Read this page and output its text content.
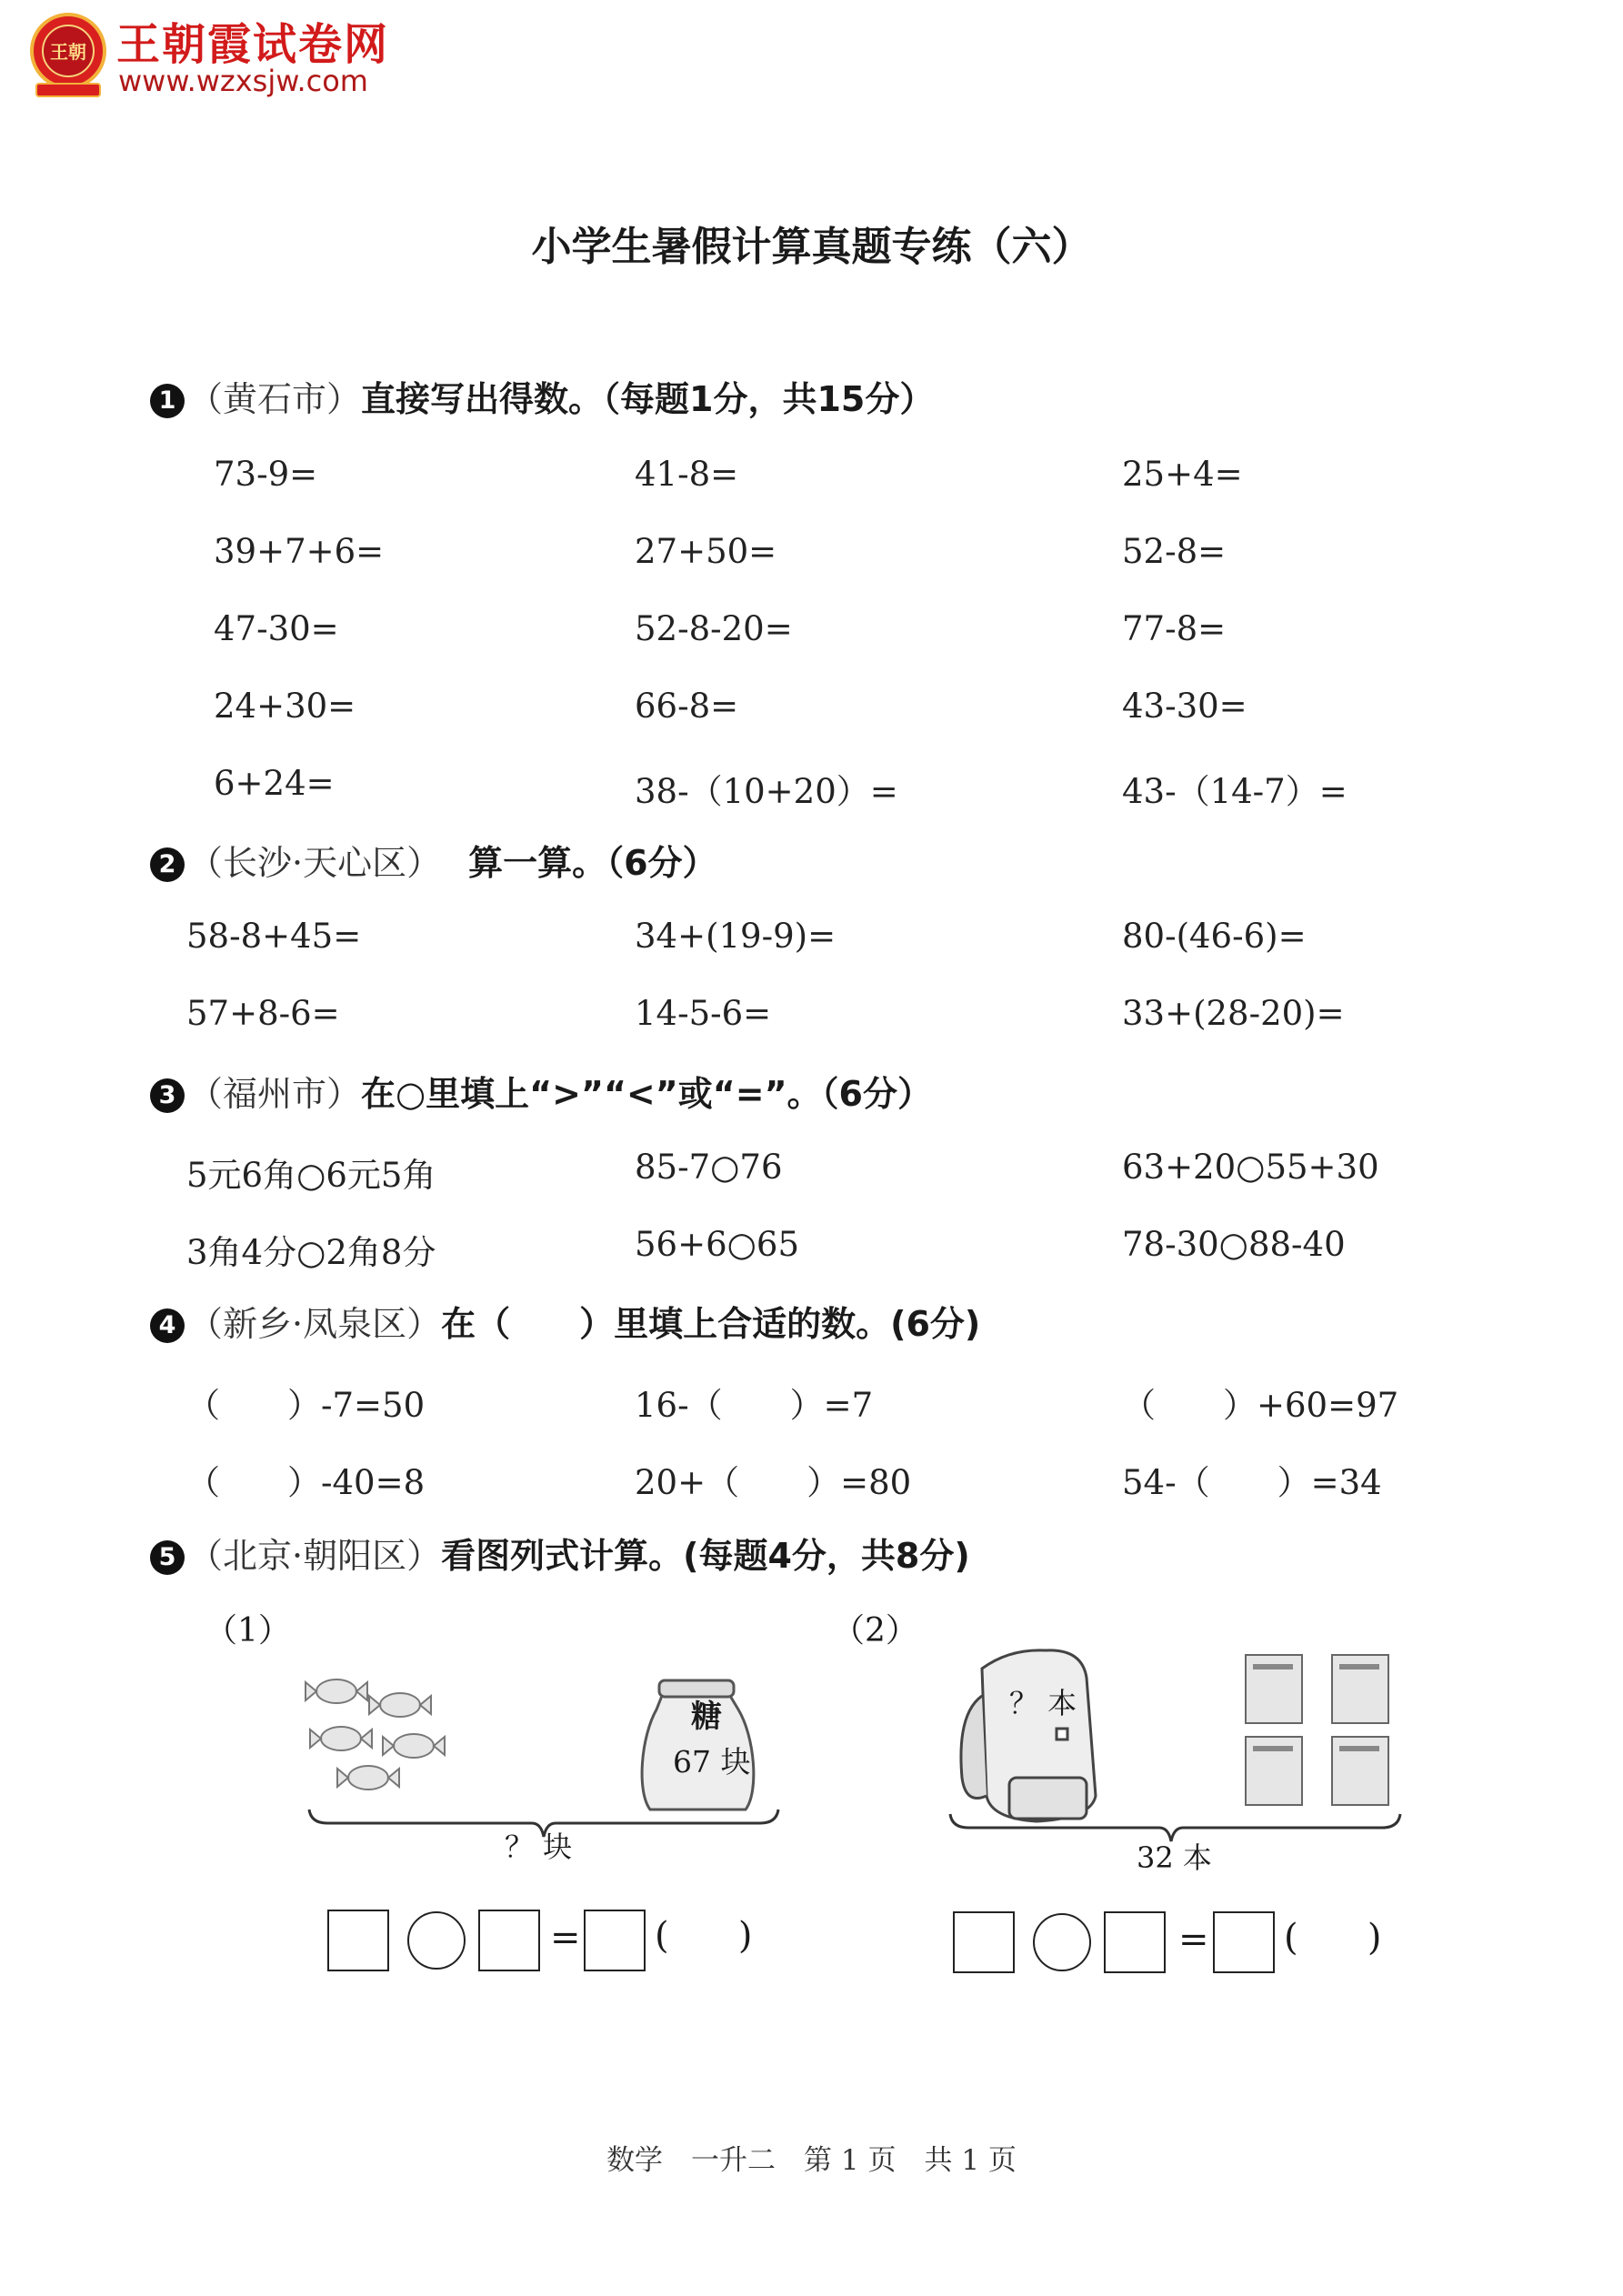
王朝 王朝霞试卷网
www.wzxsjw.com
小学生暑假计算真题专练（六）
1 （黄石市）直接写出得数。（每题1分，共15分）
73-9=	41-8=	25+4=
39+7+6=	27+50=	52-8=
47-30=	52-8-20=	77-8=
24+30=	66-8=	43-30=
6+24=	38-（10+20）=	43-（14-7）=
2 （长沙·天心区） 算一算。（6分）
58-8+45=	34+(19-9)=	80-(46-6)=
57+8-6=	14-5-6=	33+(28-20)=
3 （福州市）在○里填上“>”“<”或“=”。（6分）
5元6角○6元5角	85-7○76	63+20○55+30
3角4分○2角8分	56+6○65	78-30○88-40
4 （新乡·凤泉区）在（　　）里填上合适的数。(6分)
（　　）-7=50	16-（　　）=7	（　　）+60=97
（　　）-40=8	20+（　　）=80	54-（　　）=34
5 （北京·朝阳区）看图列式计算。(每题4分，共8分)
（1）
糖
67 块
？ 块
= (      )
（2）
？ 本
32 本
= (      )
数学　一升二　第 1 页　共 1 页
